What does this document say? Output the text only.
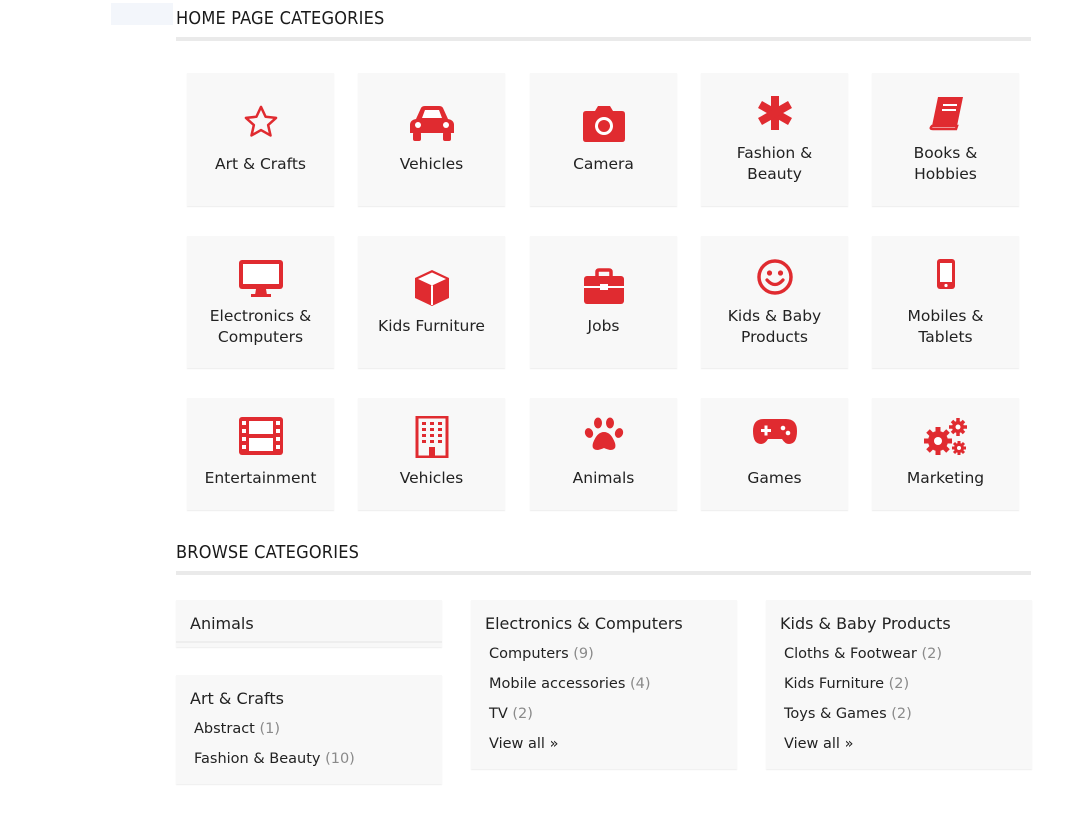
HOME PAGE CATEGORIES
Art & Crafts	Vehicles	Camera
Fashion & Beauty
Books & Hobbies
Electronics & Computers
Kids Furniture	Jobs
Kids & Baby Products
Mobiles & Tablets
Entertainment	Vehicles	Animals	Games	Marketing
BROWSE CATEGORIES
Animals
Art & Crafts
Abstract (1)
Fashion & Beauty (10)
Electronics & Computers
Computers (9)
Mobile accessories (4)
TV (2)
View all »
Kids & Baby Products
Cloths & Footwear (2)
Kids Furniture (2)
Toys & Games (2)
View all »
